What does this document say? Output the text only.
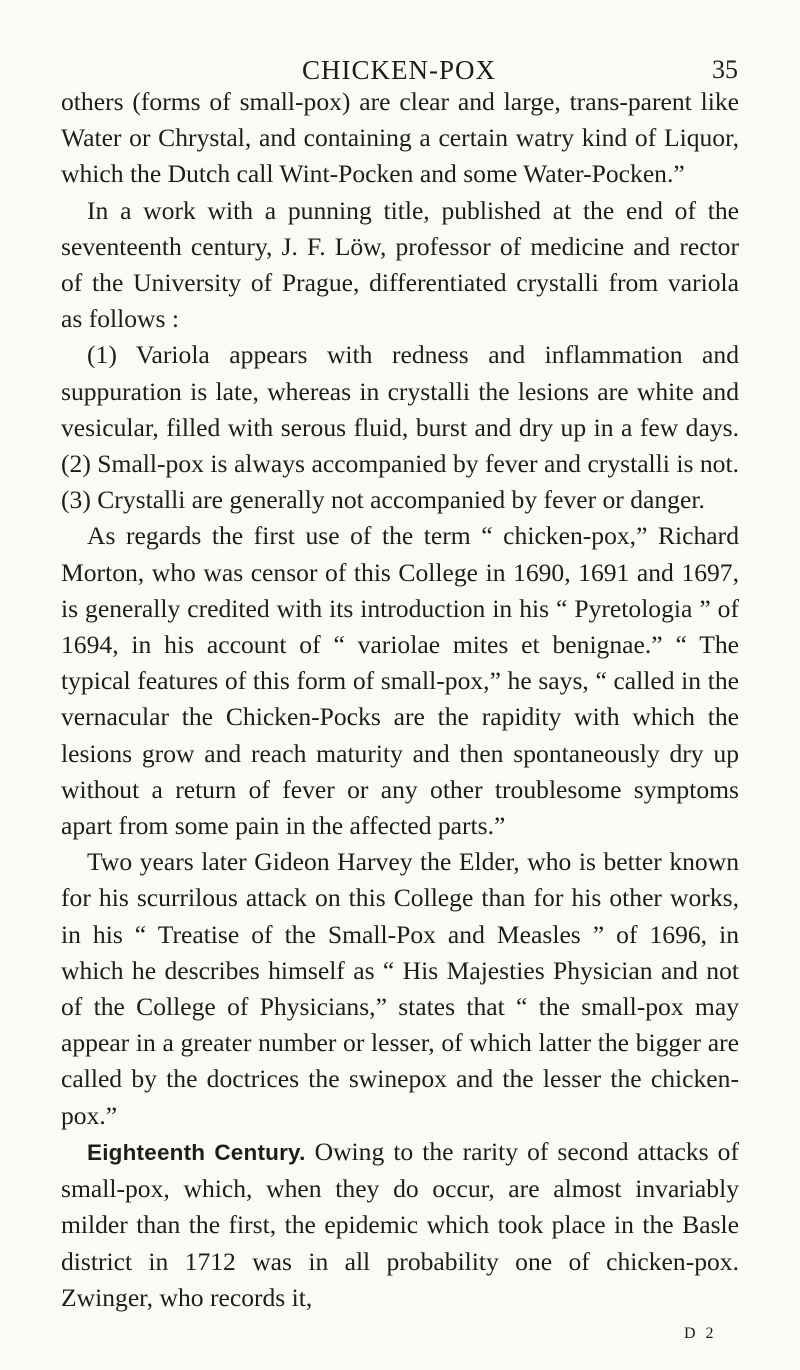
CHICKEN-POX	35

others (forms of small-pox) are clear and large, trans-parent like Water or Chrystal, and containing a certain watry kind of Liquor, which the Dutch call Wint-Pocken and some Water-Pocken.”

In a work with a punning title, published at the end of the seventeenth century, J. F. Löw, professor of medicine and rector of the University of Prague, differentiated crystalli from variola as follows :

(1) Variola appears with redness and inflammation and suppuration is late, whereas in crystalli the lesions are white and vesicular, filled with serous fluid, burst and dry up in a few days. (2) Small-pox is always accompanied by fever and crystalli is not. (3) Crystalli are generally not accompanied by fever or danger.

As regards the first use of the term “ chicken-pox,” Richard Morton, who was censor of this College in 1690, 1691 and 1697, is generally credited with its introduction in his “ Pyretologia ” of 1694, in his account of “ variolae mites et benignae.” “ The typical features of this form of small-pox,” he says, “ called in the vernacular the Chicken-Pocks are the rapidity with which the lesions grow and reach maturity and then spontaneously dry up without a return of fever or any other troublesome symptoms apart from some pain in the affected parts.”

Two years later Gideon Harvey the Elder, who is better known for his scurrilous attack on this College than for his other works, in his “ Treatise of the Small-Pox and Measles ” of 1696, in which he describes himself as “ His Majesties Physician and not of the College of Physicians,” states that “ the small-pox may appear in a greater number or lesser, of which latter the bigger are called by the doctrices the swinepox and the lesser the chicken-pox.”

Eighteenth Century. Owing to the rarity of second attacks of small-pox, which, when they do occur, are almost invariably milder than the first, the epidemic which took place in the Basle district in 1712 was in all probability one of chicken-pox. Zwinger, who records it,

D 2
